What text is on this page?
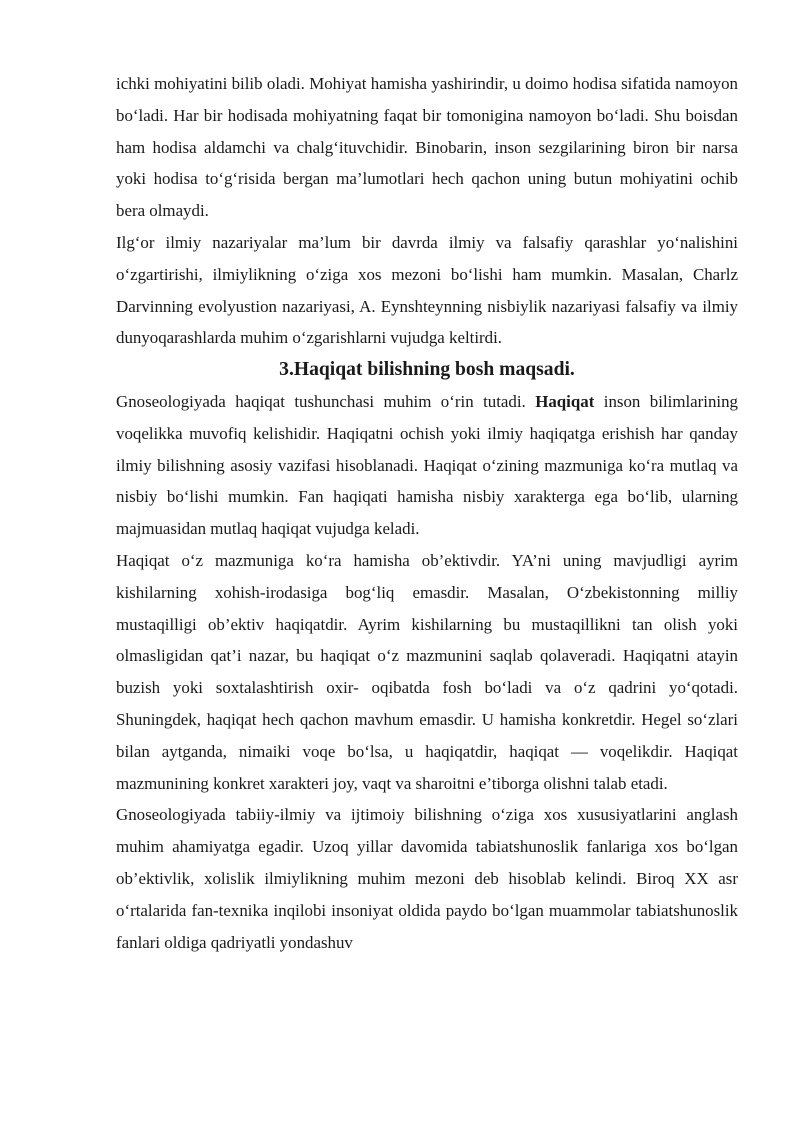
ichki mohiyatini bilib oladi. Mohiyat hamisha yashirindir, u doimo hodisa sifatida namoyon bo‘ladi. Har bir hodisada mohiyatning faqat bir tomonigina namoyon bo‘ladi. Shu boisdan ham hodisa aldamchi va chalg‘ituvchidir. Binobarin, inson sezgilarining biron bir narsa yoki hodisa to‘g‘risida bergan ma’lumotlari hech qachon uning butun mohiyatini ochib bera olmaydi.

Ilg‘or ilmiy nazariyalar ma’lum bir davrda ilmiy va falsafiy qarashlar yo‘nalishini o‘zgartirishi, ilmiylikning o‘ziga xos mezoni bo‘lishi ham mumkin. Masalan, Charlz Darvinning evolyustion nazariyasi, A. Eynshteynning nisbiylik nazariyasi falsafiy va ilmiy dunyoqarashlarda muhim o‘zgarishlarni vujudga keltirdi.

3.Haqiqat bilishning bosh maqsadi.

Gnoseologiyada haqiqat tushunchasi muhim o‘rin tutadi. Haqiqat inson bilimlarining voqelikka muvofiq kelishidir. Haqiqatni ochish yoki ilmiy haqiqatga erishish har qanday ilmiy bilishning asosiy vazifasi hisoblanadi. Haqiqat o‘zining mazmuniga ko‘ra mutlaq va nisbiy bo‘lishi mumkin. Fan haqiqati hamisha nisbiy xarakterga ega bo‘lib, ularning majmuasidan mutlaq haqiqat vujudga keladi.

Haqiqat o‘z mazmuniga ko‘ra hamisha ob’ektivdir. YA’ni uning mavjudligi ayrim kishilarning xohish-irodasiga bog‘liq emasdir. Masalan, O‘zbekistonning milliy mustaqilligi ob’ektiv haqiqatdir. Ayrim kishilarning bu mustaqillikni tan olish yoki olmasligidan qat’i nazar, bu haqiqat o‘z mazmunini saqlab qolaveradi. Haqiqatni atayin buzish yoki soxtalashtirish oxir- oqibatda fosh bo‘ladi va o‘z qadrini yo‘qotadi. Shuningdek, haqiqat hech qachon mavhum emasdir. U hamisha konkretdir. Hegel so‘zlari bilan aytganda, nimaiki voqe bo‘lsa, u haqiqatdir, haqiqat — voqelikdir. Haqiqat mazmunining konkret xarakteri joy, vaqt va sharoitni e’tiborga olishni talab etadi.

Gnoseologiyada tabiiy-ilmiy va ijtimoiy bilishning o‘ziga xos xususiyatlarini anglash muhim ahamiyatga egadir. Uzoq yillar davomida tabiatshunoslik fanlariga xos bo‘lgan ob’ektivlik, xolislik ilmiylikning muhim mezoni deb hisoblab kelindi. Biroq XX asr o‘rtalarida fan-texnika inqilobi insoniyat oldida paydo bo‘lgan muammolar tabiatshunoslik fanlari oldiga qadriyatli yondashuv
